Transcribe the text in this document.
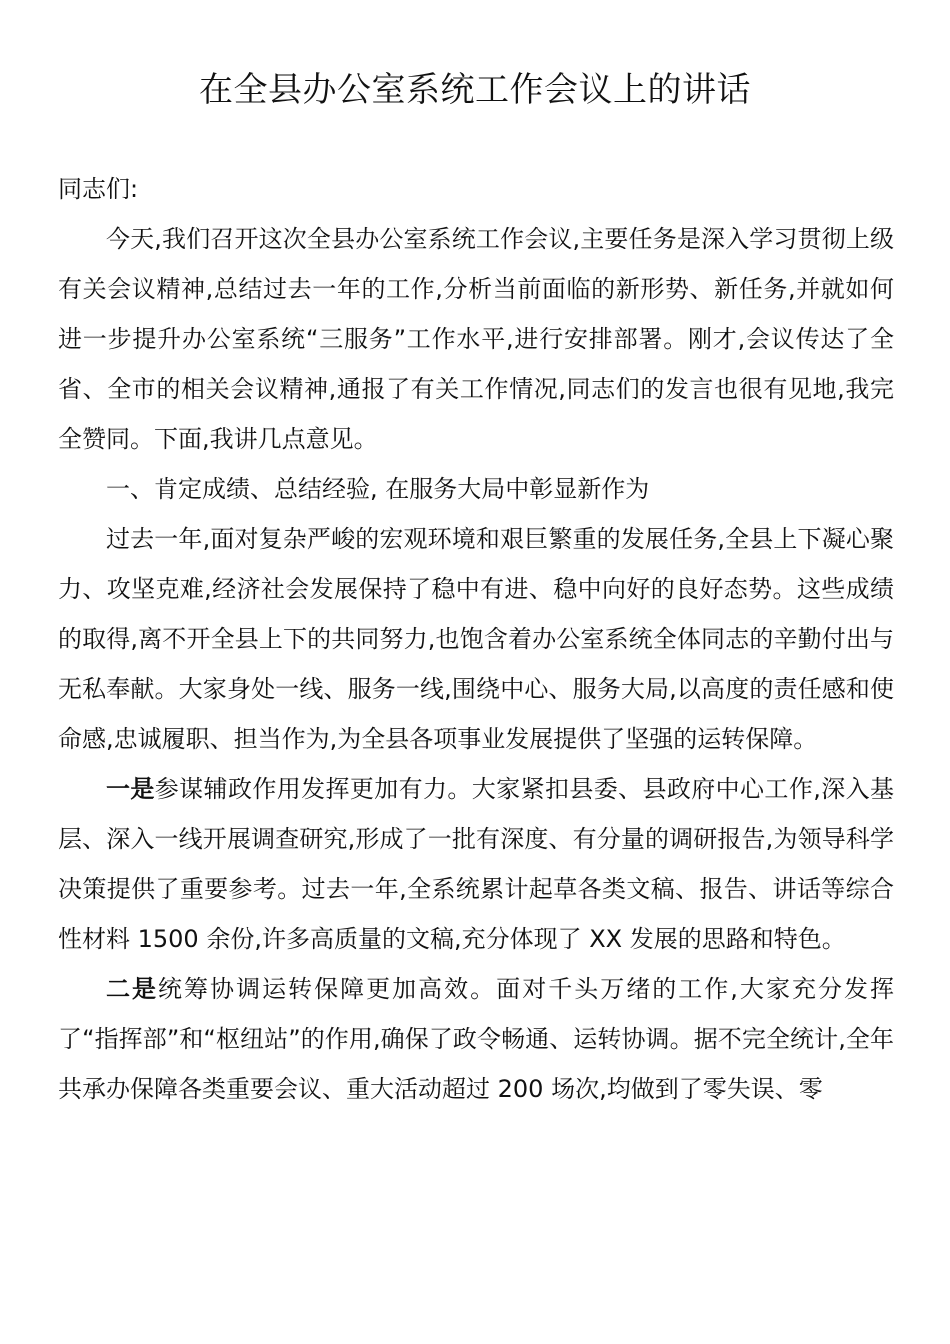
在全县办公室系统工作会议上的讲话

同志们:

今天,我们召开这次全县办公室系统工作会议,主要任务是深入学习贯彻上级有关会议精神,总结过去一年的工作,分析当前面临的新形势、新任务,并就如何进一步提升办公室系统“三服务”工作水平,进行安排部署。刚才,会议传达了全省、全市的相关会议精神,通报了有关工作情况,同志们的发言也很有见地,我完全赞同。下面,我讲几点意见。

一、肯定成绩、总结经验, 在服务大局中彰显新作为

过去一年,面对复杂严峻的宏观环境和艰巨繁重的发展任务,全县上下凝心聚力、攻坚克难,经济社会发展保持了稳中有进、稳中向好的良好态势。这些成绩的取得,离不开全县上下的共同努力,也饱含着办公室系统全体同志的辛勤付出与无私奉献。大家身处一线、服务一线,围绕中心、服务大局,以高度的责任感和使命感,忠诚履职、担当作为,为全县各项事业发展提供了坚强的运转保障。

一是参谋辅政作用发挥更加有力。大家紧扣县委、县政府中心工作,深入基层、深入一线开展调查研究,形成了一批有深度、有分量的调研报告,为领导科学决策提供了重要参考。过去一年,全系统累计起草各类文稿、报告、讲话等综合性材料 1500 余份,许多高质量的文稿,充分体现了 XX 发展的思路和特色。

二是统筹协调运转保障更加高效。面对千头万绪的工作,大家充分发挥了“指挥部”和“枢纽站”的作用,确保了政令畅通、运转协调。据不完全统计,全年共承办保障各类重要会议、重大活动超过 200 场次,均做到了零失误、零
